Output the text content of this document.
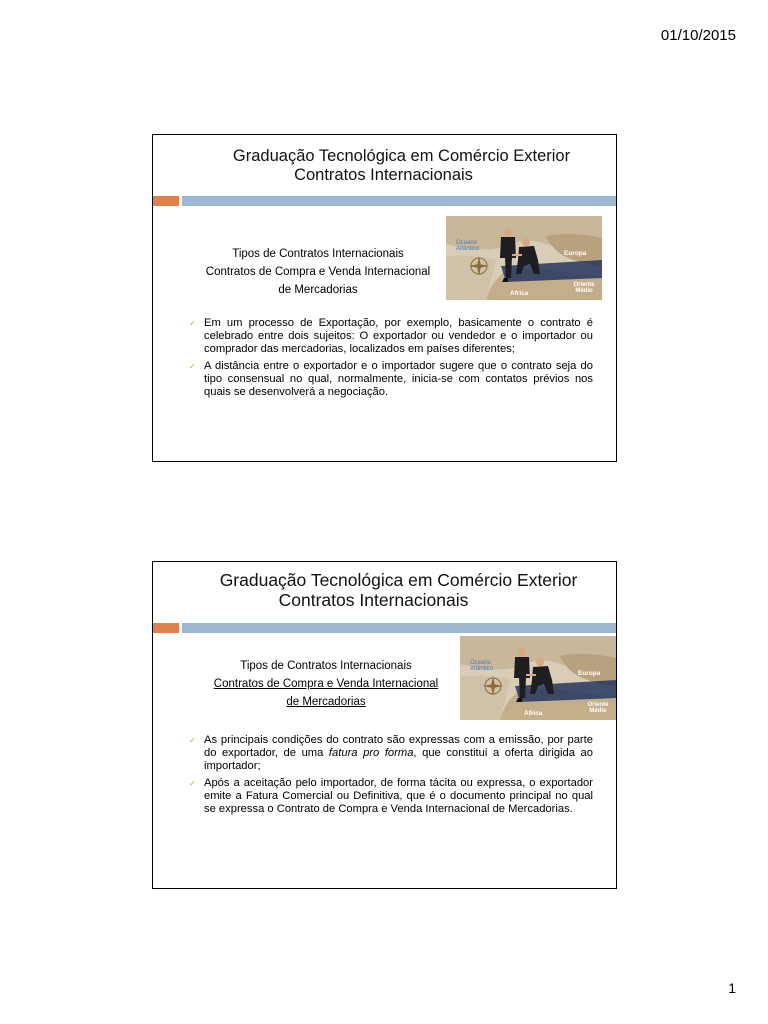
01/10/2015
Graduação Tecnológica em Comércio Exterior
Contratos Internacionais
Tipos de Contratos Internacionais
Contratos de Compra e Venda Internacional
de Mercadorias
Oceano Atlântico
Europa
Africa
Oriente Médio
✓ Em um processo de Exportação, por exemplo, basicamente o contrato é celebrado entre dois sujeitos: O exportador ou vendedor e o importador ou comprador das mercadorias, localizados em países diferentes;
✓ A distância entre o exportador e o importador sugere que o contrato seja do tipo consensual no qual, normalmente, inicia-se com contatos prévios nos quais se desenvolverá a negociação.
Graduação Tecnológica em Comércio Exterior
Contratos Internacionais
Tipos de Contratos Internacionais
Contratos de Compra e Venda Internacional
de Mercadorias
Oceano Atlântico
Europa
Africa
Oriente Médio
✓ As principais condições do contrato são expressas com a emissão, por parte do exportador, de uma fatura pro forma, que constitui a oferta dirigida ao importador;
✓ Após a aceitação pelo importador, de forma tácita ou expressa, o exportador emite a Fatura Comercial ou Definitiva, que é o documento principal no qual se expressa o Contrato de Compra e Venda Internacional de Mercadorias.
1
